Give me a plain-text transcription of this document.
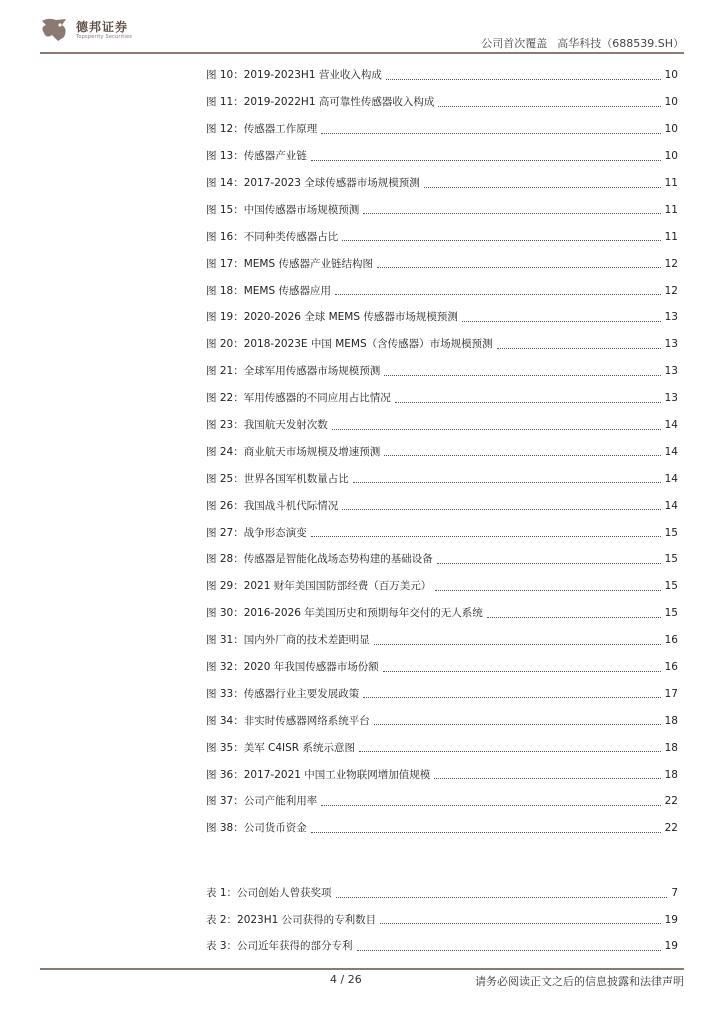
德邦证券
Topsperity Securities	公司首次覆盖 高华科技（688539.SH）
图 10：2019-2023H1 营业收入构成	10
图 11：2019-2022H1 高可靠性传感器收入构成	10
图 12：传感器工作原理	10
图 13：传感器产业链	10
图 14：2017-2023 全球传感器市场规模预测	11
图 15：中国传感器市场规模预测	11
图 16：不同种类传感器占比	11
图 17：MEMS 传感器产业链结构图	12
图 18：MEMS 传感器应用	12
图 19：2020-2026 全球 MEMS 传感器市场规模预测	13
图 20：2018-2023E 中国 MEMS（含传感器）市场规模预测	13
图 21：全球军用传感器市场规模预测	13
图 22：军用传感器的不同应用占比情况	13
图 23：我国航天发射次数	14
图 24：商业航天市场规模及增速预测	14
图 25：世界各国军机数量占比	14
图 26：我国战斗机代际情况	14
图 27：战争形态演变	15
图 28：传感器是智能化战场态势构建的基础设备	15
图 29：2021 财年美国国防部经费（百万美元）	15
图 30：2016-2026 年美国历史和预期每年交付的无人系统	15
图 31：国内外厂商的技术差距明显	16
图 32：2020 年我国传感器市场份额	16
图 33：传感器行业主要发展政策	17
图 34：非实时传感器网络系统平台	18
图 35：美军 C4ISR 系统示意图	18
图 36：2017-2021 中国工业物联网增加值规模	18
图 37：公司产能利用率	22
图 38：公司货币资金	22
表 1：公司创始人曾获奖项	7
表 2：2023H1 公司获得的专利数目	19
表 3：公司近年获得的部分专利	19
4 / 26	请务必阅读正文之后的信息披露和法律声明
